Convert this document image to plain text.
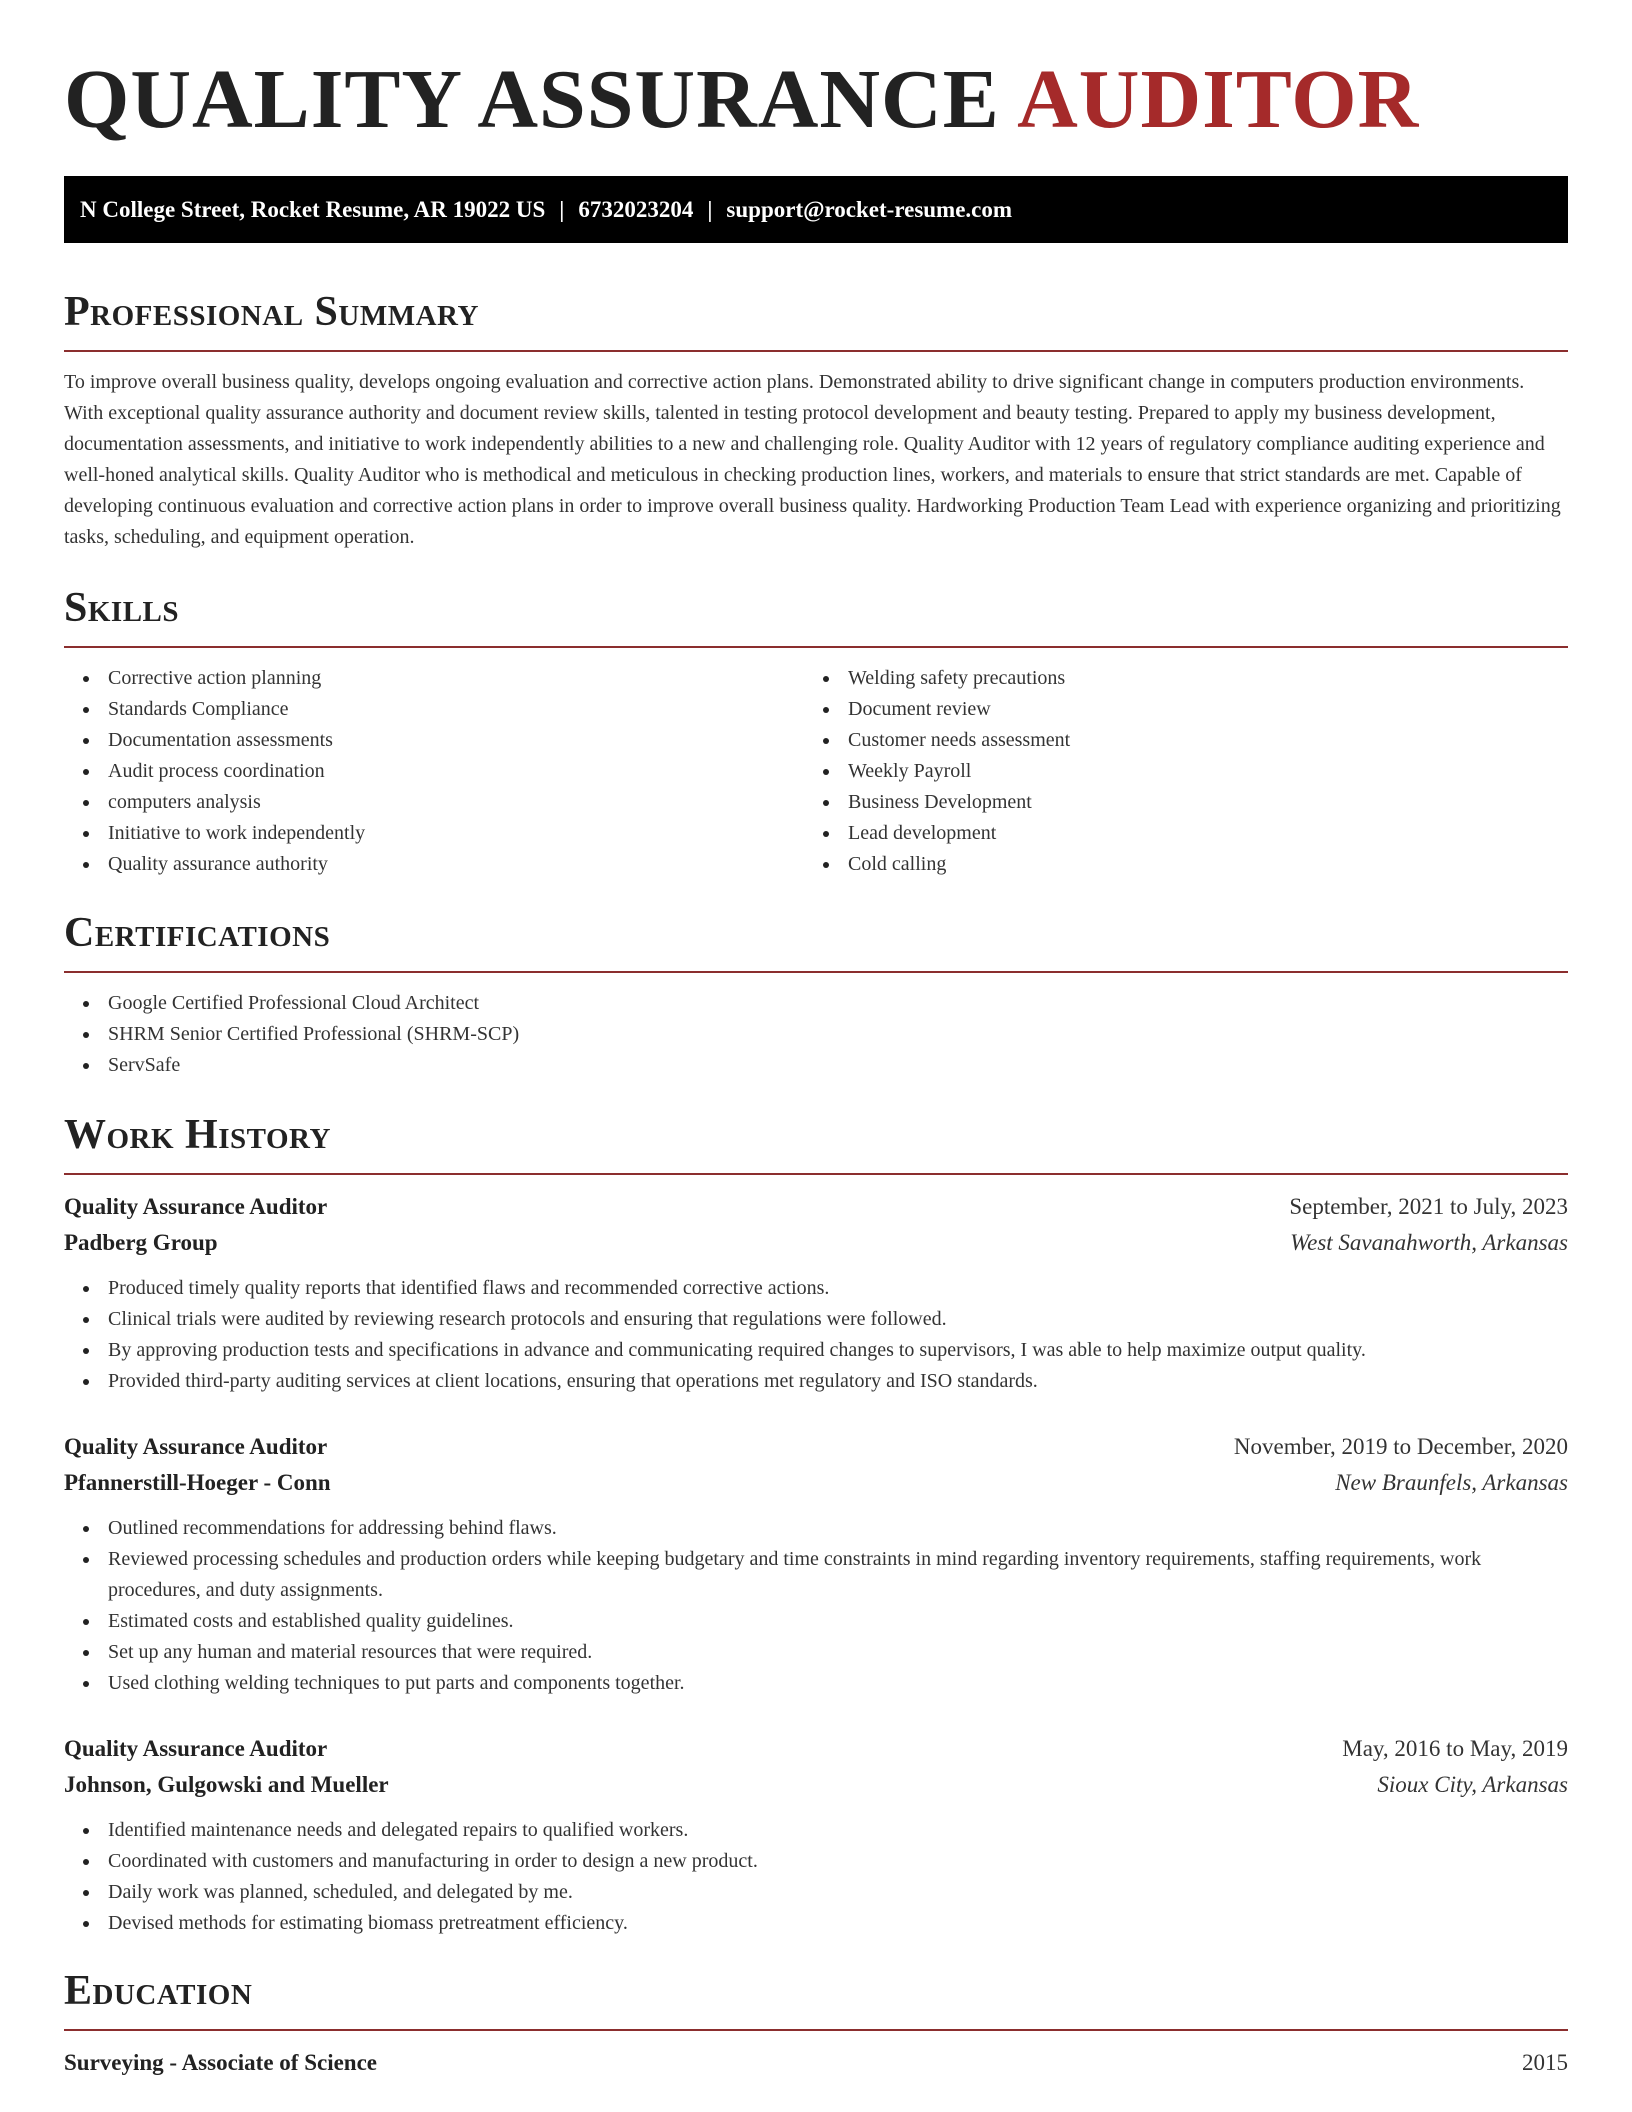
QUALITY ASSURANCE AUDITOR
N College Street, Rocket Resume, AR 19022 US | 6732023204 | support@rocket-resume.com
Professional Summary

To improve overall business quality, develops ongoing evaluation and corrective action plans. Demonstrated ability to drive significant change in computers production environments. With exceptional quality assurance authority and document review skills, talented in testing protocol development and beauty testing. Prepared to apply my business development, documentation assessments, and initiative to work independently abilities to a new and challenging role. Quality Auditor with 12 years of regulatory compliance auditing experience and well-honed analytical skills. Quality Auditor who is methodical and meticulous in checking production lines, workers, and materials to ensure that strict standards are met. Capable of developing continuous evaluation and corrective action plans in order to improve overall business quality. Hardworking Production Team Lead with experience organizing and prioritizing tasks, scheduling, and equipment operation.

Skills
Corrective action planning
Standards Compliance
Documentation assessments
Audit process coordination
computers analysis
Initiative to work independently
Quality assurance authority
Welding safety precautions
Document review
Customer needs assessment
Weekly Payroll
Business Development
Lead development
Cold calling
Certifications
Google Certified Professional Cloud Architect
SHRM Senior Certified Professional (SHRM-SCP)
ServSafe
Work History
Quality Assurance Auditor	September, 2021 to July, 2023
Padberg Group	West Savanahworth, Arkansas
Produced timely quality reports that identified flaws and recommended corrective actions.
Clinical trials were audited by reviewing research protocols and ensuring that regulations were followed.
By approving production tests and specifications in advance and communicating required changes to supervisors, I was able to help maximize output quality.
Provided third-party auditing services at client locations, ensuring that operations met regulatory and ISO standards.
Quality Assurance Auditor	November, 2019 to December, 2020
Pfannerstill-Hoeger - Conn	New Braunfels, Arkansas
Outlined recommendations for addressing behind flaws.
Reviewed processing schedules and production orders while keeping budgetary and time constraints in mind regarding inventory requirements, staffing requirements, work procedures, and duty assignments.
Estimated costs and established quality guidelines.
Set up any human and material resources that were required.
Used clothing welding techniques to put parts and components together.
Quality Assurance Auditor	May, 2016 to May, 2019
Johnson, Gulgowski and Mueller	Sioux City, Arkansas
Identified maintenance needs and delegated repairs to qualified workers.
Coordinated with customers and manufacturing in order to design a new product.
Daily work was planned, scheduled, and delegated by me.
Devised methods for estimating biomass pretreatment efficiency.
Education
Surveying - Associate of Science	2015
